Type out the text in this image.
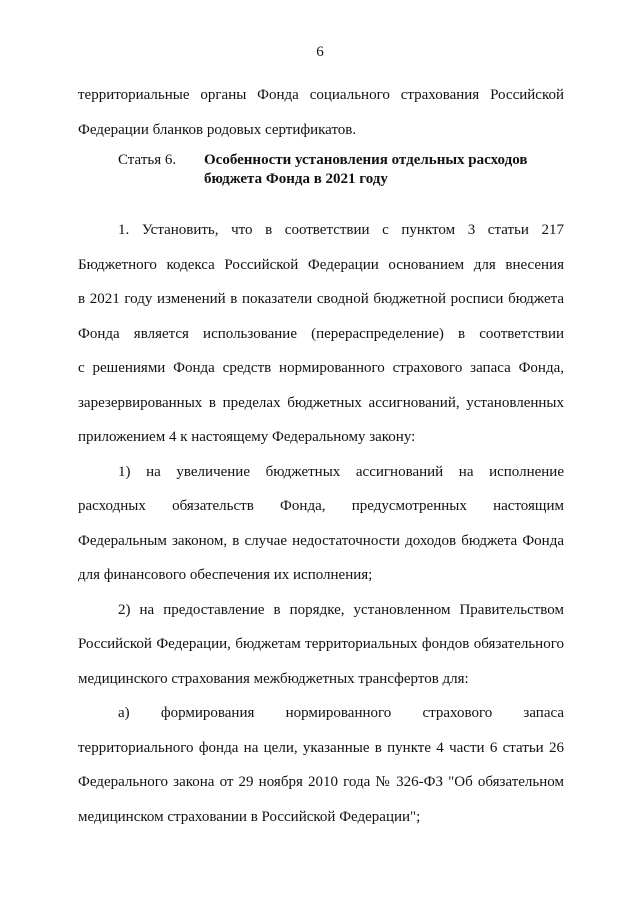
6

территориальные органы Фонда социального страхования Российской

Федерации бланков родовых сертификатов.

Статья 6.	Особенности установления отдельных расходов
бюджета Фонда в 2021 году

1. Установить, что в соответствии с пунктом 3 статьи 217

Бюджетного кодекса Российской Федерации основанием для внесения

в 2021 году изменений в показатели сводной бюджетной росписи бюджета

Фонда является использование (перераспределение) в соответствии

с решениями Фонда средств нормированного страхового запаса Фонда,

зарезервированных в пределах бюджетных ассигнований, установленных

приложением 4 к настоящему Федеральному закону:

1) на увеличение бюджетных ассигнований на исполнение

расходных обязательств Фонда, предусмотренных настоящим

Федеральным законом, в случае недостаточности доходов бюджета Фонда

для финансового обеспечения их исполнения;

2) на предоставление в порядке, установленном Правительством

Российской Федерации, бюджетам территориальных фондов обязательного

медицинского страхования межбюджетных трансфертов для:

а) формирования нормированного страхового запаса

территориального фонда на цели, указанные в пункте 4 части 6 статьи 26

Федерального закона от 29 ноября 2010 года № 326-ФЗ "Об обязательном

медицинском страховании в Российской Федерации";
